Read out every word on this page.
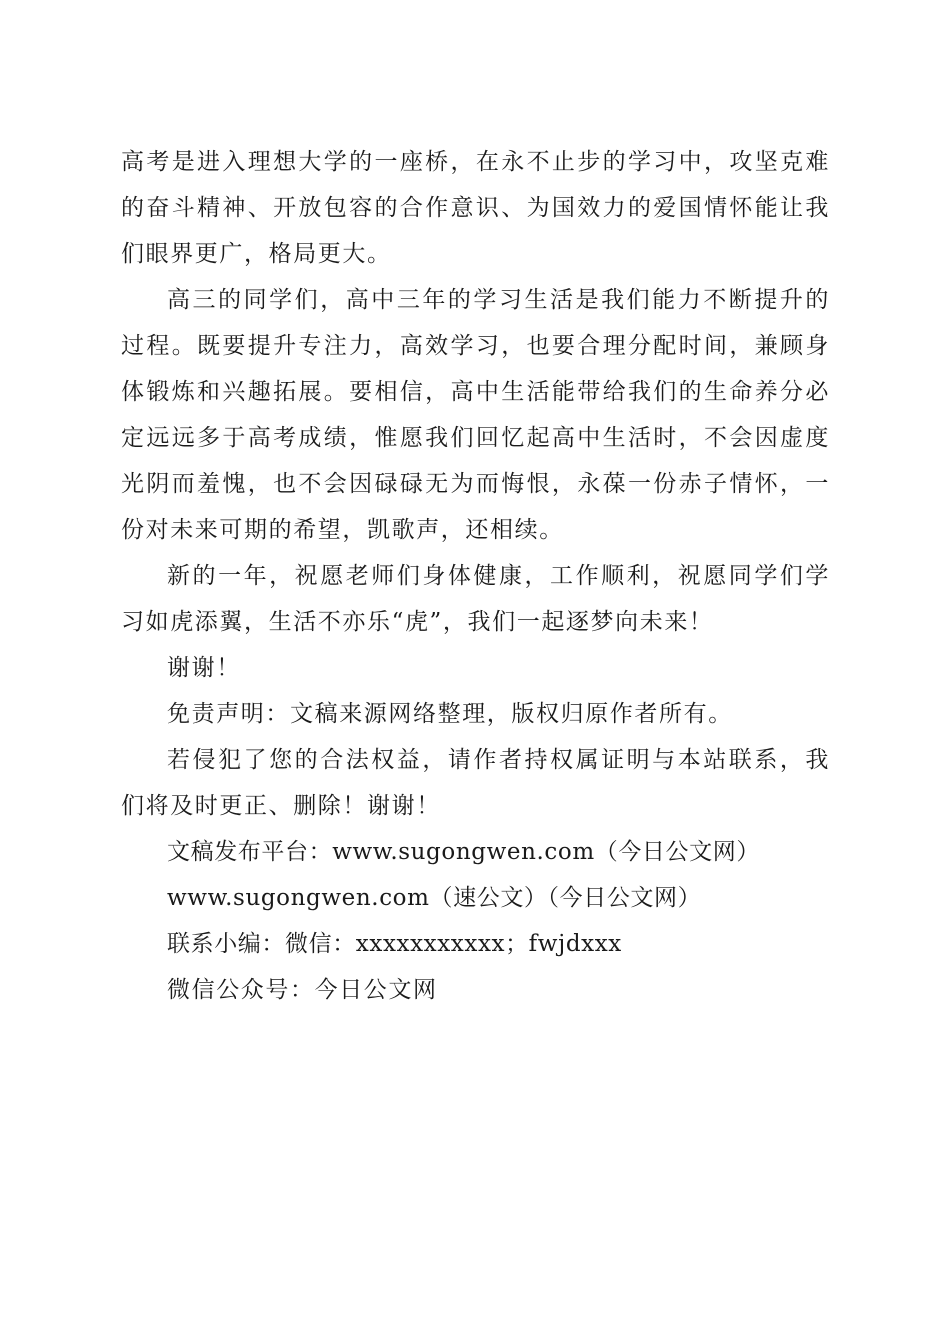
高考是进入理想大学的一座桥，在永不止步的学习中，攻坚克难的奋斗精神、开放包容的合作意识、为国效力的爱国情怀能让我们眼界更广，格局更大。

高三的同学们，高中三年的学习生活是我们能力不断提升的过程。既要提升专注力，高效学习，也要合理分配时间，兼顾身体锻炼和兴趣拓展。要相信，高中生活能带给我们的生命养分必定远远多于高考成绩，惟愿我们回忆起高中生活时，不会因虚度光阴而羞愧，也不会因碌碌无为而悔恨，永葆一份赤子情怀，一份对未来可期的希望，凯歌声，还相续。

新的一年，祝愿老师们身体健康，工作顺利，祝愿同学们学习如虎添翼，生活不亦乐“虎”，我们一起逐梦向未来！

谢谢！

免责声明：文稿来源网络整理，版权归原作者所有。

若侵犯了您的合法权益，请作者持权属证明与本站联系，我们将及时更正、删除！谢谢！

文稿发布平台：www.sugongwen.com（今日公文网）

www.sugongwen.com（速公文）（今日公文网）

联系小编：微信：xxxxxxxxxxx；fwjdxxx

微信公众号：今日公文网
